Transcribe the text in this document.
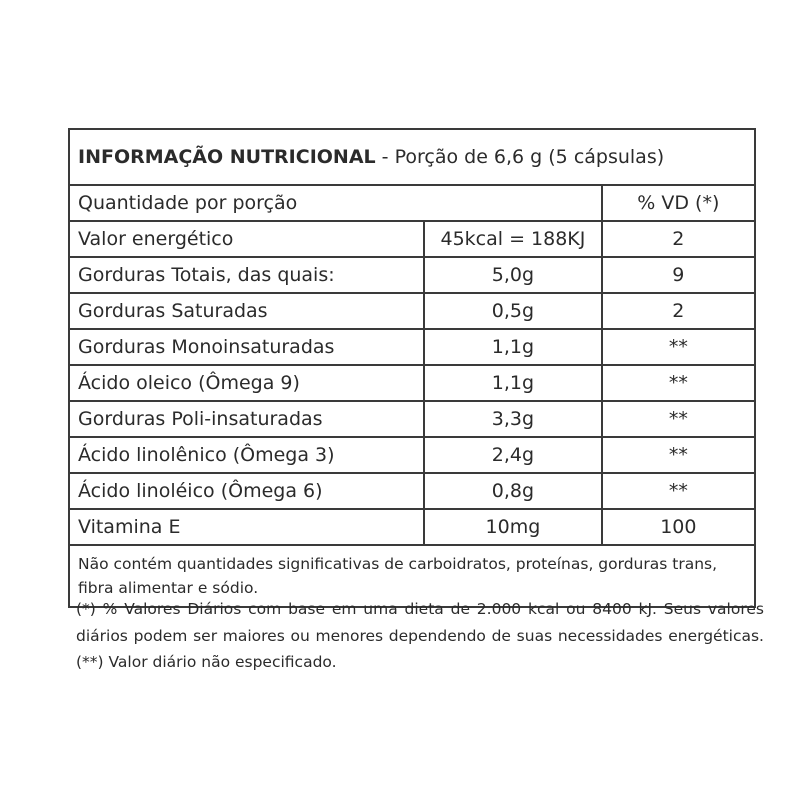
INFORMAÇÃO NUTRICIONAL - Porção de 6,6 g (5 cápsulas)		
Quantidade por porção		% VD (*)
Valor energético	45kcal = 188KJ	2
Gorduras Totais, das quais:	5,0g	9
Gorduras Saturadas	0,5g	2
Gorduras Monoinsaturadas	1,1g	**
Ácido oleico (Ômega 9)	1,1g	**
Gorduras Poli-insaturadas	3,3g	**
Ácido linolênico (Ômega 3)	2,4g	**
Ácido linoléico (Ômega 6)	0,8g	**
Vitamina E	10mg	100
Não contém quantidades significativas de carboidratos, proteínas, gorduras trans, fibra alimentar e sódio.		

(*) % Valores Diários com base em uma dieta de 2.000 kcal ou 8400 kJ. Seus valores diários podem ser maiores ou menores dependendo de suas necessidades energéticas. (**) Valor diário não especificado.
